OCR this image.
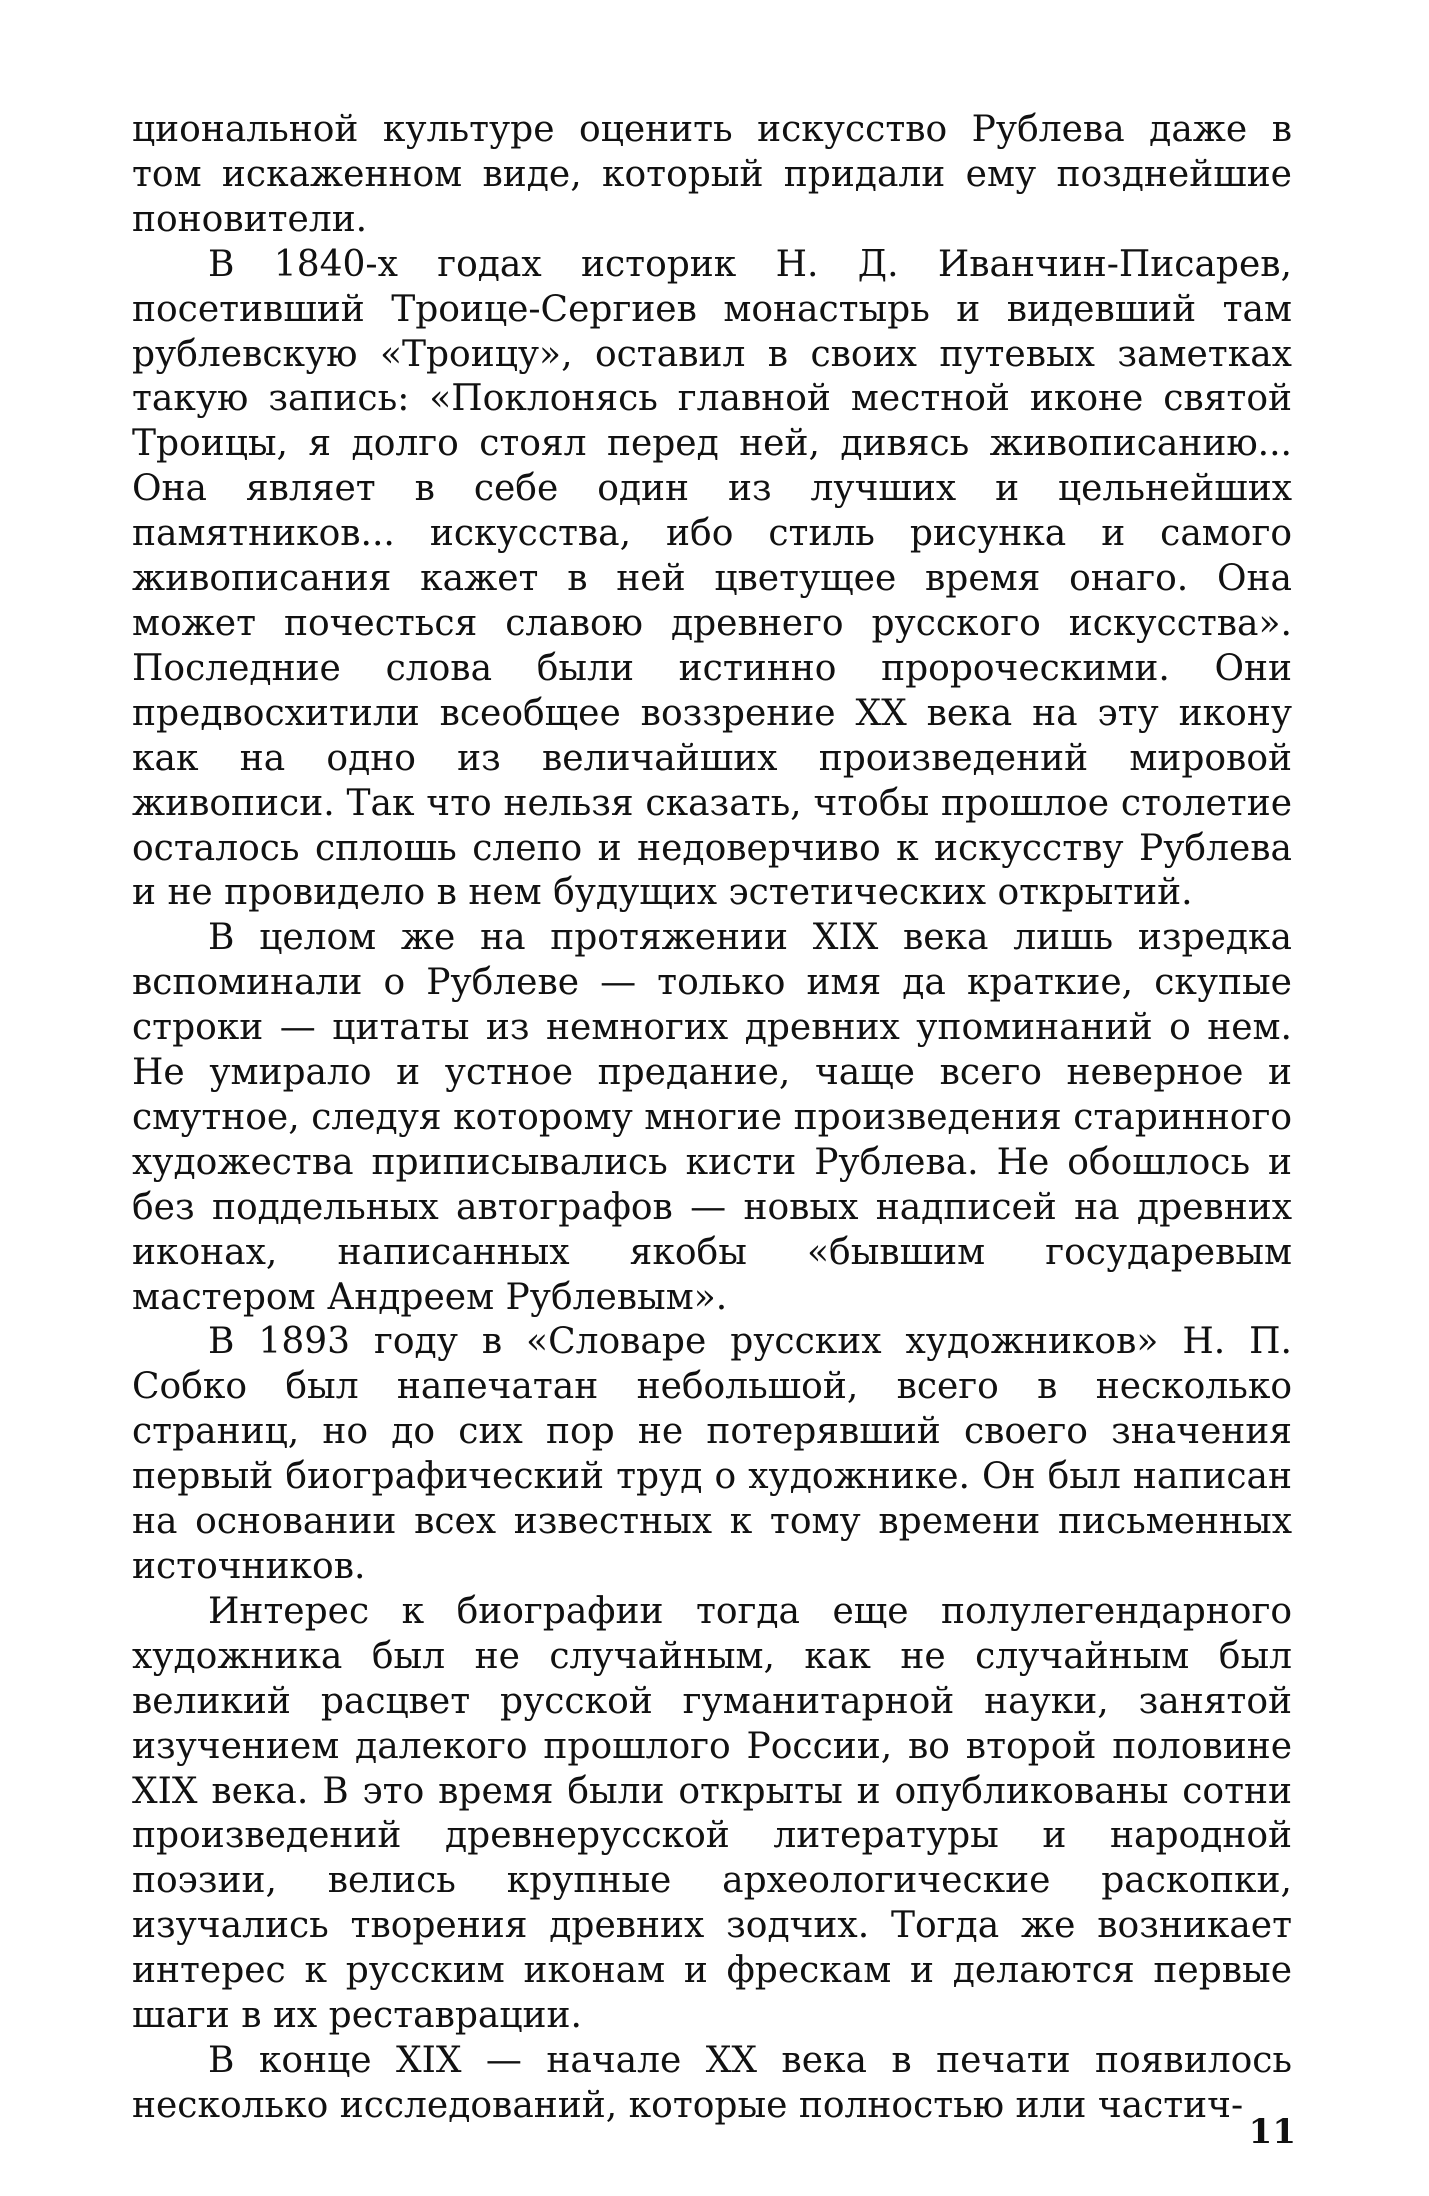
циональной культуре оценить искусство Рублева даже в том искаженном виде, который придали ему позднейшие поновители.

В 1840-х годах историк Н. Д. Иванчин-Писарев, посетивший Троице-Сергиев монастырь и видевший там рублевскую «Троицу», оставил в своих путевых заметках такую запись: «Поклонясь главной местной иконе святой Троицы, я долго стоял перед ней, дивясь живописанию... Она являет в себе один из лучших и цельнейших памятников... искусства, ибо стиль рисунка и самого живописания кажет в ней цветущее время онаго. Она может почесться славою древнего русского искусства». Последние слова были истинно пророческими. Они предвосхитили всеобщее воззрение XX века на эту икону как на одно из величайших произведений мировой живописи. Так что нельзя сказать, чтобы прошлое столетие осталось сплошь слепо и недоверчиво к искусству Рублева и не провидело в нем будущих эстетических открытий.

В целом же на протяжении XIX века лишь изредка вспоминали о Рублеве — только имя да краткие, скупые строки — цитаты из немногих древних упоминаний о нем. Не умирало и устное предание, чаще всего неверное и смутное, следуя которому многие произведения старинного художества приписывались кисти Рублева. Не обошлось и без поддельных автографов — новых надписей на древних иконах, написанных якобы «бывшим государевым мастером Андреем Рублевым».

В 1893 году в «Словаре русских художников» Н. П. Собко был напечатан небольшой, всего в несколько страниц, но до сих пор не потерявший своего значения первый биографический труд о художнике. Он был написан на основании всех известных к тому времени письменных источников.

Интерес к биографии тогда еще полулегендарного художника был не случайным, как не случайным был великий расцвет русской гуманитарной науки, занятой изучением далекого прошлого России, во второй половине XIX века. В это время были открыты и опубликованы сотни произведений древнерусской литературы и народной поэзии, велись крупные археологические раскопки, изучались творения древних зодчих. Тогда же возникает интерес к русским иконам и фрескам и делаются первые шаги в их реставрации.

В конце XIX — начале XX века в печати появилось несколько исследований, которые полностью или частич-

11
